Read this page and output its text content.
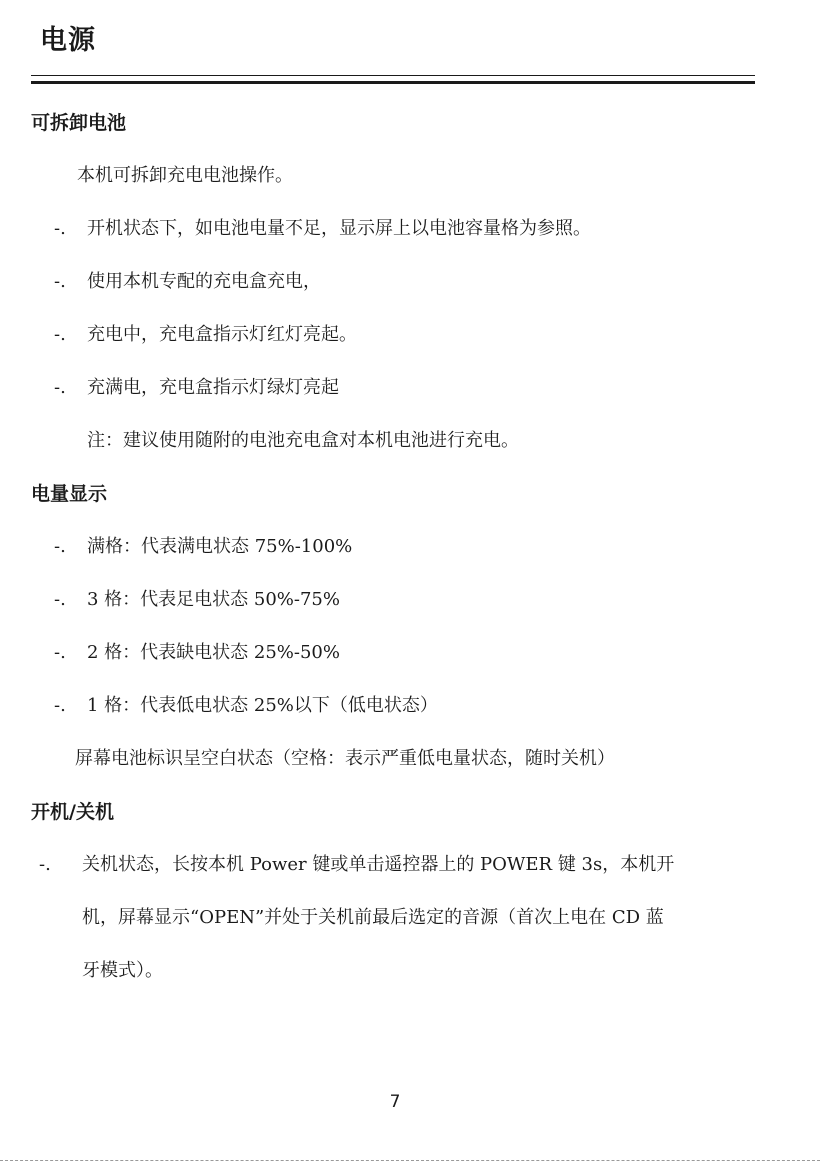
电源
可拆卸电池
本机可拆卸充电电池操作。
-. 开机状态下，如电池电量不足，显示屏上以电池容量格为参照。
-. 使用本机专配的充电盒充电，
-. 充电中，充电盒指示灯红灯亮起。
-. 充满电，充电盒指示灯绿灯亮起
注：建议使用随附的电池充电盒对本机电池进行充电。
电量显示
-. 满格：代表满电状态 75%-100%
-. 3 格：代表足电状态 50%-75%
-. 2 格：代表缺电状态 25%-50%
-. 1 格：代表低电状态 25%以下（低电状态）
屏幕电池标识呈空白状态（空格：表示严重低电量状态，随时关机）
开机/关机
-. 关机状态，长按本机 Power 键或单击遥控器上的 POWER 键 3s，本机开
机，屏幕显示“OPEN”并处于关机前最后选定的音源（首次上电在 CD 蓝
牙模式）。
7
